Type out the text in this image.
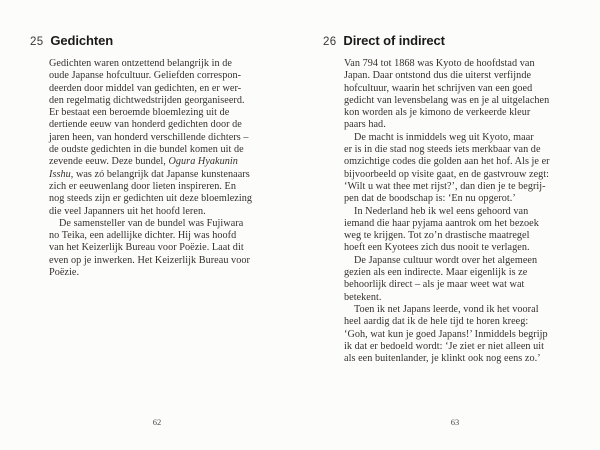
25 Gedichten
Gedichten waren ontzettend belangrijk in de
oude Japanse hofcultuur. Geliefden correspon-
deerden door middel van gedichten, en er wer-
den regelmatig dichtwedstrijden georganiseerd.
Er bestaat een beroemde bloemlezing uit de
dertiende eeuw van honderd gedichten door de
jaren heen, van honderd verschillende dichters –
de oudste gedichten in die bundel komen uit de
zevende eeuw. Deze bundel, Ogura Hyakunin
Isshu, was zó belangrijk dat Japanse kunstenaars
zich er eeuwenlang door lieten inspireren. En
nog steeds zijn er gedichten uit deze bloemlezing
die veel Japanners uit het hoofd leren.
De samensteller van de bundel was Fujiwara
no Teika, een adellijke dichter. Hij was hoofd
van het Keizerlijk Bureau voor Poëzie. Laat dit
even op je inwerken. Het Keizerlijk Bureau voor
Poëzie.
62
26 Direct of indirect
Van 794 tot 1868 was Kyoto de hoofdstad van
Japan. Daar ontstond dus die uiterst verfijnde
hofcultuur, waarin het schrijven van een goed
gedicht van levensbelang was en je al uitgelachen
kon worden als je kimono de verkeerde kleur
paars had.
De macht is inmiddels weg uit Kyoto, maar
er is in die stad nog steeds iets merkbaar van de
omzichtige codes die golden aan het hof. Als je er
bijvoorbeeld op visite gaat, en de gastvrouw zegt:
‘Wilt u wat thee met rijst?’, dan dien je te begrij-
pen dat de boodschap is: ‘En nu opgerot.’
In Nederland heb ik wel eens gehoord van
iemand die haar pyjama aantrok om het bezoek
weg te krijgen. Tot zo’n drastische maatregel
hoeft een Kyotees zich dus nooit te verlagen.
De Japanse cultuur wordt over het algemeen
gezien als een indirecte. Maar eigenlijk is ze
behoorlijk direct – als je maar weet wat wat
betekent.
Toen ik net Japans leerde, vond ik het vooral
heel aardig dat ik de hele tijd te horen kreeg:
‘Goh, wat kun je goed Japans!’ Inmiddels begrijp
ik dat er bedoeld wordt: ‘Je ziet er niet alleen uit
als een buitenlander, je klinkt ook nog eens zo.’
63
